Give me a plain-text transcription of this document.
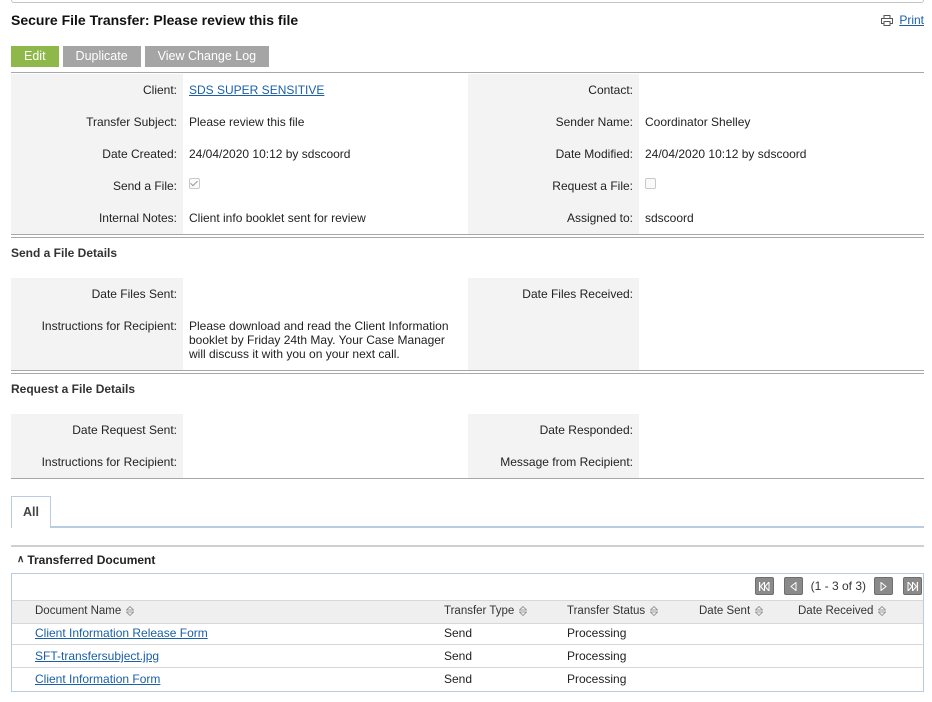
Secure File Transfer: Please review this file	Print
Edit	Duplicate	View Change Log
Client: SDS SUPER SENSITIVE	Contact:
Transfer Subject: Please review this file	Sender Name: Coordinator Shelley
Date Created: 24/04/2020 10:12 by sdscoord	Date Modified: 24/04/2020 10:12 by sdscoord
Send a File:	Request a File:
Internal Notes: Client info booklet sent for review	Assigned to: sdscoord
Send a File Details
Date Files Sent:	Date Files Received:
Instructions for Recipient: Please download and read the Client Information
booklet by Friday 24th May. Your Case Manager
will discuss it with you on your next call.
Request a File Details
Date Request Sent:	Date Responded:
Instructions for Recipient:	Message from Recipient:
All
∧ Transferred Document
(1 - 3 of 3)
Document Name	Transfer Type	Transfer Status	Date Sent	Date Received
Client Information Release Form	Send	Processing
SFT-transfersubject.jpg	Send	Processing
Client Information Form	Send	Processing
